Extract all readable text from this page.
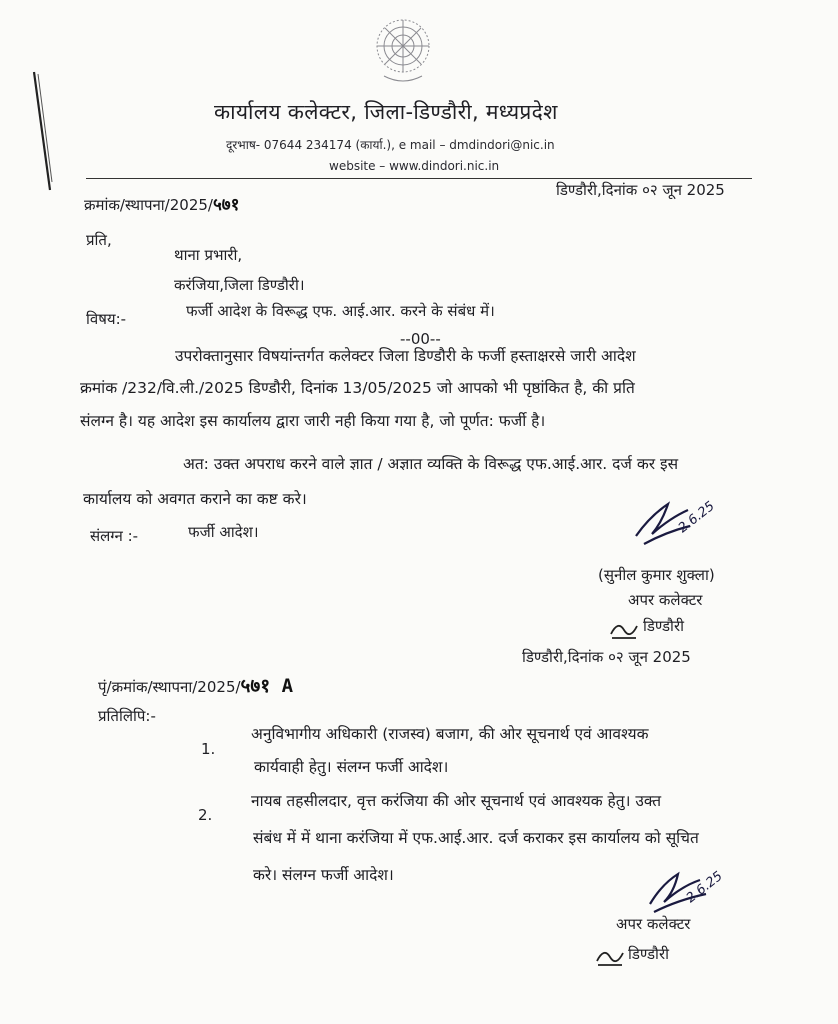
कार्यालय कलेक्टर, जिला-डिण्डौरी, मध्यप्रदेश
दूरभाष- 07644 234174 (कार्या.), e mail – dmdindori@nic.in
website – www.dindori.nic.in
क्रमांक/स्थापना/2025/५७१
डिण्डौरी,दिनांक ०२ जून 2025
प्रति,
थाना प्रभारी,
करंजिया,जिला डिण्डौरी।
विषय:-	फर्जी आदेश के विरूद्ध एफ. आई.आर. करने के संबंध में।
--00--
उपरोक्तानुसार विषयांन्तर्गत कलेक्टर जिला डिण्डौरी के फर्जी हस्ताक्षरसे जारी आदेश
क्रमांक /232/वि.ली./2025 डिण्डौरी, दिनांक 13/05/2025 जो आपको भी पृष्ठांकित है, की प्रति
संलग्न है। यह आदेश इस कार्यालय द्वारा जारी नही किया गया है, जो पूर्णत: फर्जी है।
अत: उक्त अपराध करने वाले ज्ञात / अज्ञात व्यक्ति के विरूद्ध एफ.आई.आर. दर्ज कर इस
कार्यालय को अवगत कराने का कष्ट करे।
संलग्न :-	फर्जी आदेश।	2.6.25
(सुनील कुमार शुक्ला)
अपर कलेक्टर
डिण्डौरी
डिण्डौरी,दिनांक ०२ जून 2025
पृं/क्रमांक/स्थापना/2025/५७१ A
प्रतिलिपि:-
1.
अनुविभागीय अधिकारी (राजस्व) बजाग, की ओर सूचनार्थ एवं आवश्यक
कार्यवाही हेतु। संलग्न फर्जी आदेश।
2.
नायब तहसीलदार, वृत्त करंजिया की ओर सूचनार्थ एवं आवश्यक हेतु। उक्त
संबंध में में थाना करंजिया में एफ.आई.आर. दर्ज कराकर इस कार्यालय को सूचित
करे। संलग्न फर्जी आदेश।	2.6.25
अपर कलेक्टर
डिण्डौरी
